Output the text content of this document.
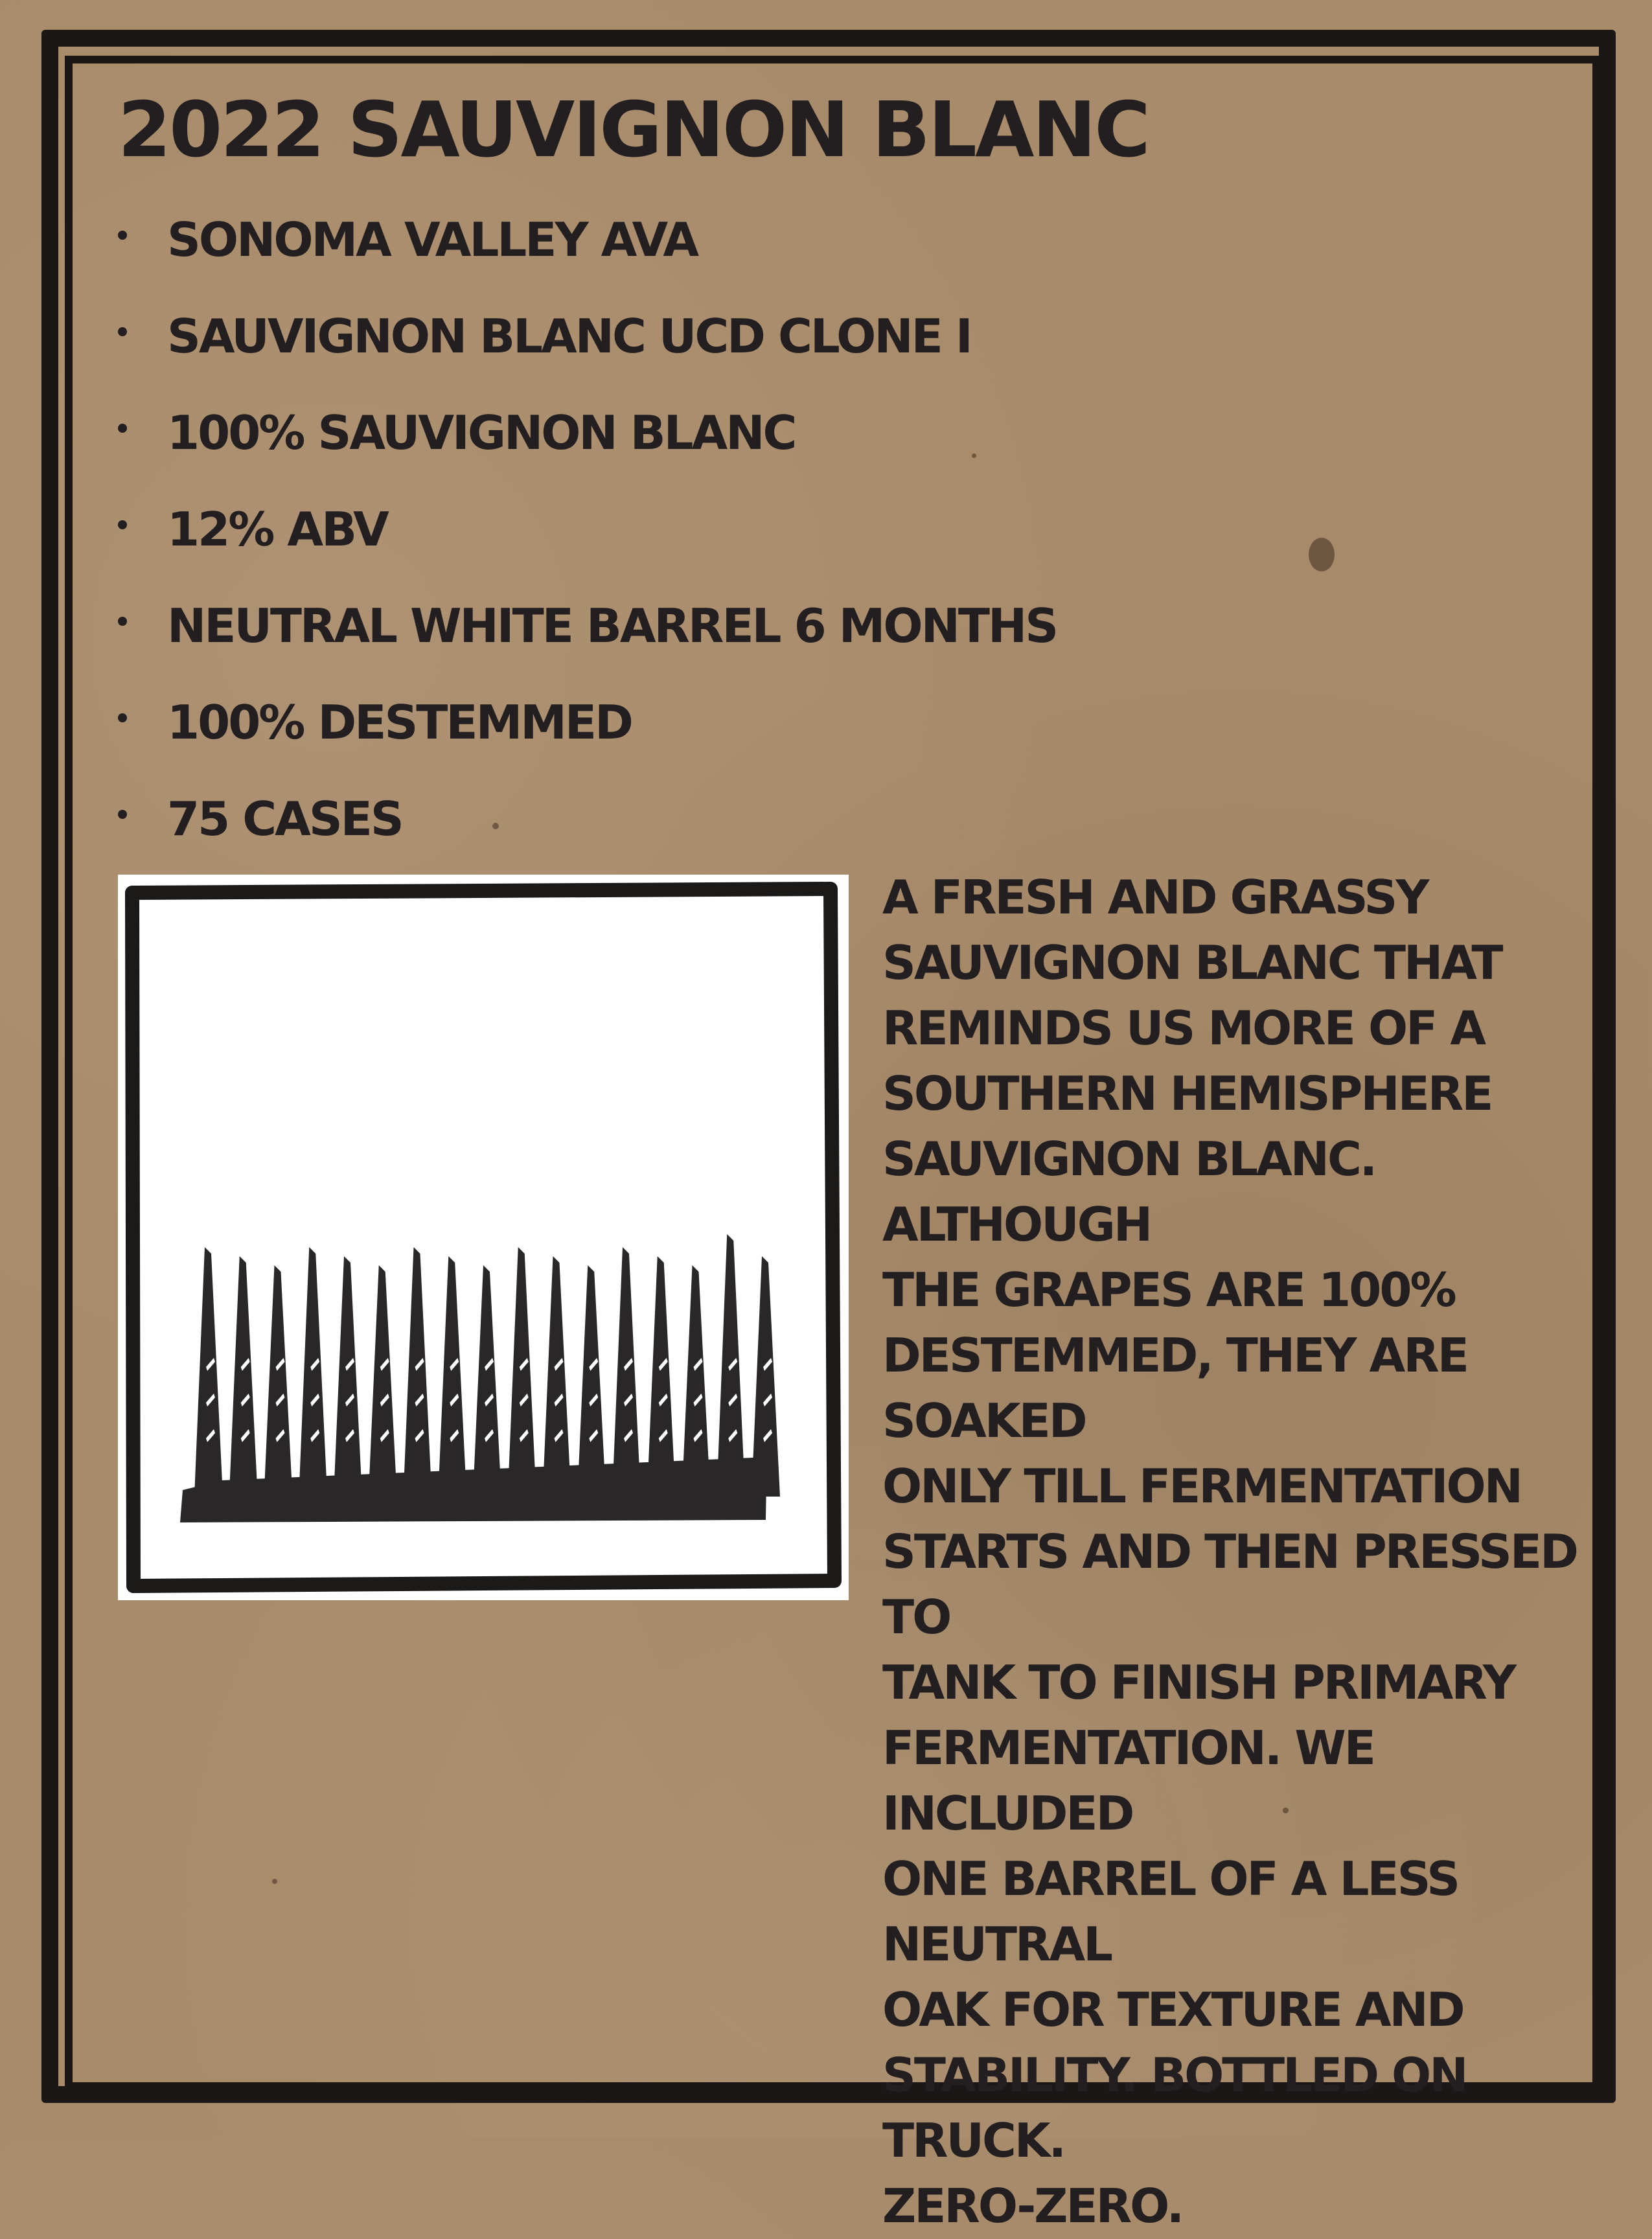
2022 SAUVIGNON BLANC
SONOMA VALLEY AVA
SAUVIGNON BLANC UCD CLONE I
100% SAUVIGNON BLANC
12% ABV
NEUTRAL WHITE BARREL 6 MONTHS
100% DESTEMMED
75 CASES

A FRESH AND GRASSY
SAUVIGNON BLANC THAT
REMINDS US MORE OF A
SOUTHERN HEMISPHERE
SAUVIGNON BLANC. ALTHOUGH
THE GRAPES ARE 100%
DESTEMMED, THEY ARE SOAKED
ONLY TILL FERMENTATION
STARTS AND THEN PRESSED TO
TANK TO FINISH PRIMARY
FERMENTATION. WE INCLUDED
ONE BARREL OF A LESS NEUTRAL
OAK FOR TEXTURE AND
STABILITY. BOTTLED ON TRUCK.
ZERO-ZERO.
